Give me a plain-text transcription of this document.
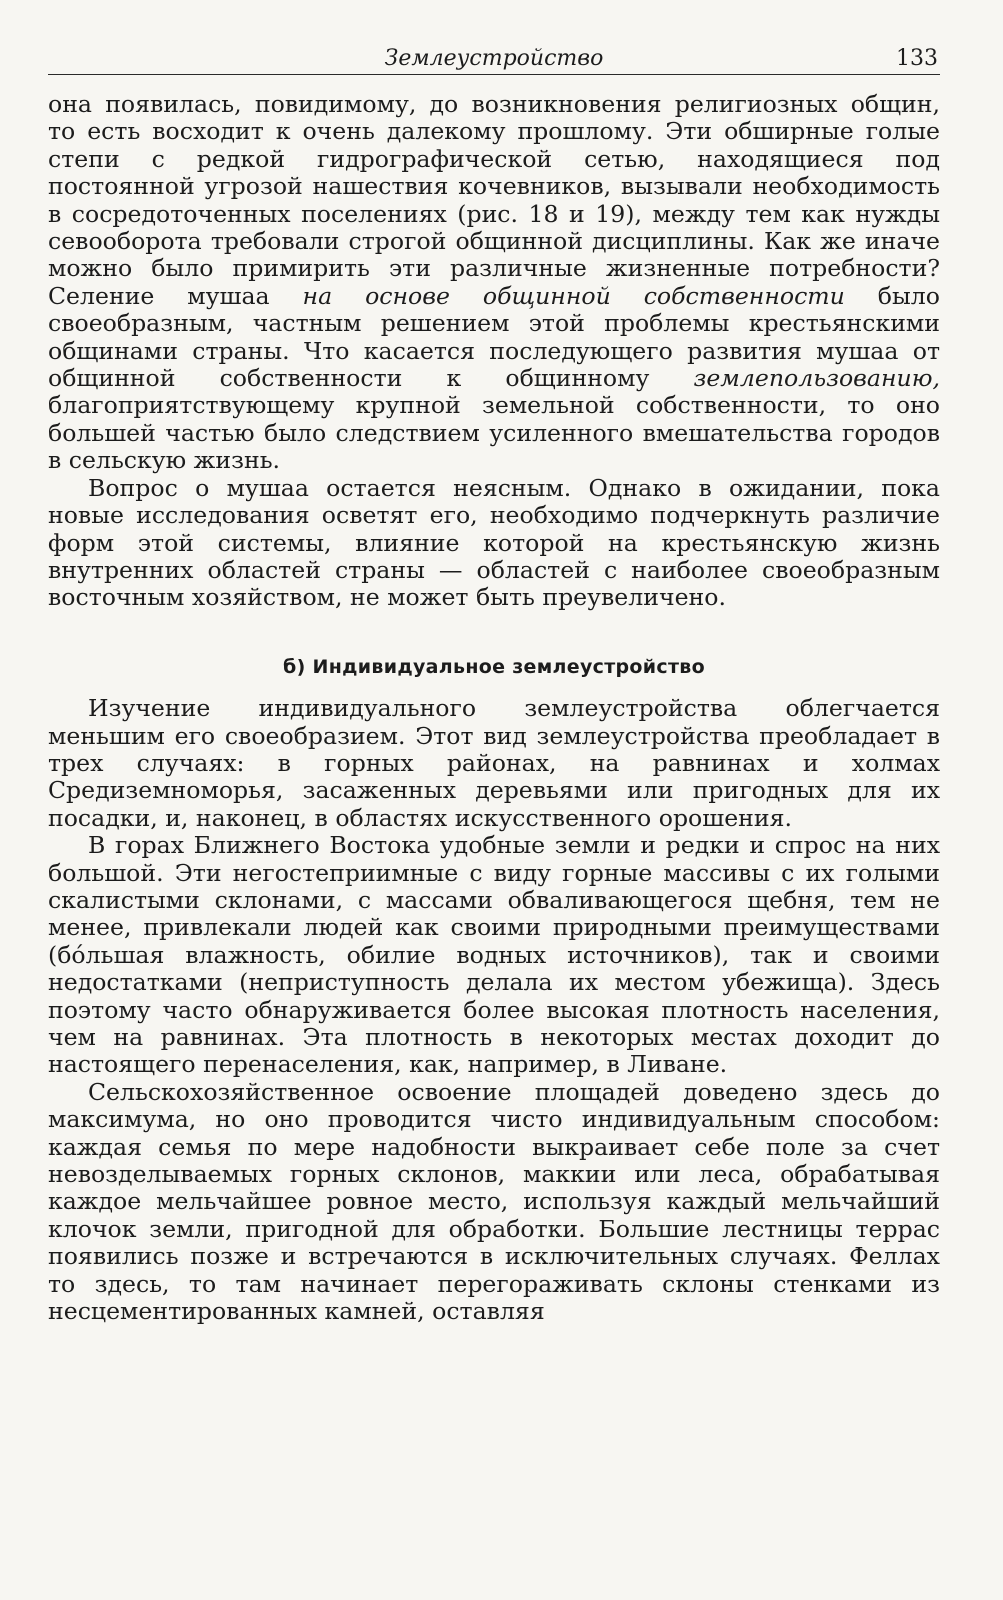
Землеустройство	133

она появилась, повидимому, до возникновения религиозных общин, то есть восходит к очень далекому прошлому. Эти обширные голые степи с редкой гидрографической сетью, находящиеся под постоянной угрозой нашествия кочевников, вызывали необходимость в сосредоточенных поселениях (рис. 18 и 19), между тем как нужды севооборота требовали строгой общинной дисциплины. Как же иначе можно было примирить эти различные жизненные потребности? Селение мушаа на основе общинной собственности было своеобразным, частным решением этой проблемы крестьянскими общинами страны. Что касается последующего развития мушаа от общинной собственности к общинному землепользованию, благоприятствующему крупной земельной собственности, то оно большей частью было следствием усиленного вмешательства городов в сельскую жизнь.

Вопрос о мушаа остается неясным. Однако в ожидании, пока новые исследования осветят его, необходимо подчеркнуть различие форм этой системы, влияние которой на крестьянскую жизнь внутренних областей страны — областей с наиболее своеобразным восточным хозяйством, не может быть преувеличено.

б) Индивидуальное землеустройство

Изучение индивидуального землеустройства облегчается меньшим его своеобразием. Этот вид землеустройства преобладает в трех случаях: в горных районах, на равнинах и холмах Средиземноморья, засаженных деревьями или пригодных для их посадки, и, наконец, в областях искусственного орошения.

В горах Ближнего Востока удобные земли и редки и спрос на них большой. Эти негостеприимные с виду горные массивы с их голыми скалистыми склонами, с массами обваливающегося щебня, тем не менее, привлекали людей как своими природными преимуществами (бо́льшая влажность, обилие водных источников), так и своими недостатками (неприступность делала их местом убежища). Здесь поэтому часто обнаруживается более высокая плотность населения, чем на равнинах. Эта плотность в некоторых местах доходит до настоящего перенаселения, как, например, в Ливане.

Сельскохозяйственное освоение площадей доведено здесь до максимума, но оно проводится чисто индивидуальным способом: каждая семья по мере надобности выкраивает себе поле за счет невозделываемых горных склонов, маккии или леса, обрабатывая каждое мельчайшее ровное место, используя каждый мельчайший клочок земли, пригодной для обработки. Большие лестницы террас появились позже и встречаются в исключительных случаях. Феллах то здесь, то там начинает перегораживать склоны стенками из несцементированных камней, оставляя
